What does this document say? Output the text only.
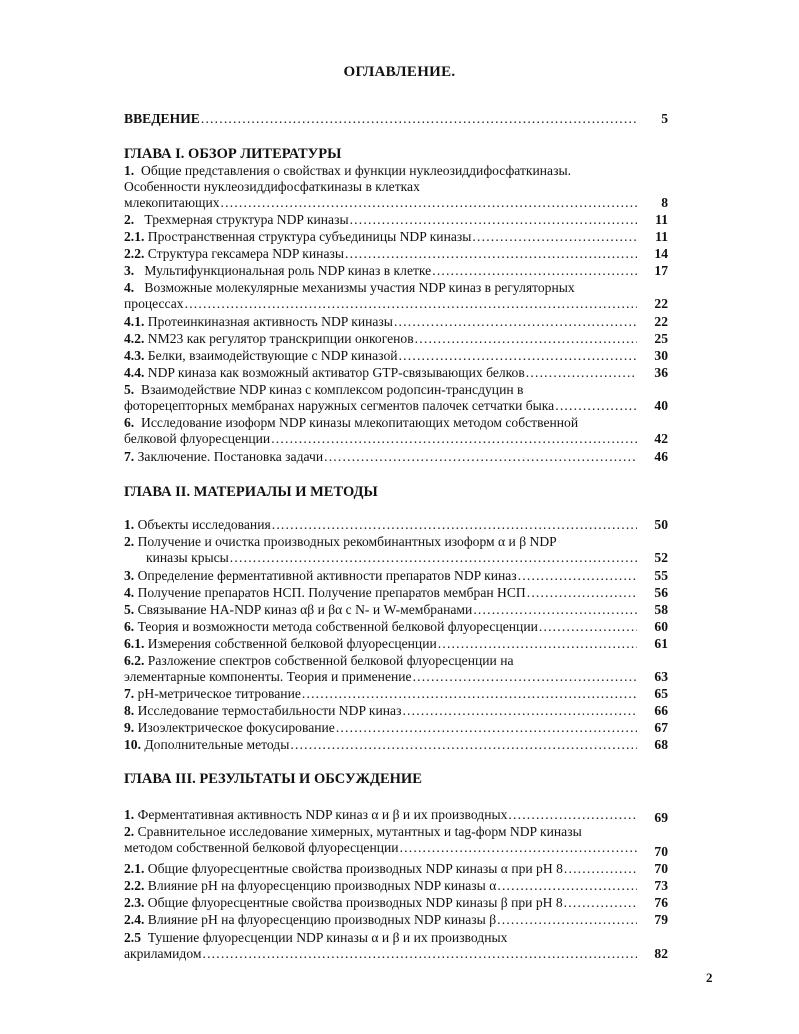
ОГЛАВЛЕНИЕ.
ВВЕДЕНИЕ .....	5
ГЛАВА I. ОБЗОР ЛИТЕРАТУРЫ
1. Общие представления о свойствах и функции нуклеозиддифосфаткиназы.
Особенности нуклеозиддифосфаткиназы в клетках
млекопитающих .....	8
2. Трехмерная структура NDP киназы .....	11
2.1. Пространственная структура субъединицы NDP киназы .....	11
2.2. Структура гексамера NDP киназы .....	14
3. Мультифункциональная роль NDP киназ в клетке .....	17
4. Возможные молекулярные механизмы участия NDP киназ в регуляторных
процессах .....	22
4.1. Протеинкиназная активность NDP киназы .....	22
4.2. NM23 как регулятор транскрипции онкогенов .....	25
4.3. Белки, взаимодействующие с NDP киназой .....	30
4.4. NDP киназа как возможный активатор GTP-связывающих белков .....	36
5. Взаимодействие NDP киназ с комплексом родопсин-трансдуцин в
фоторецепторных мембранах наружных сегментов палочек сетчатки быка .....	40
6. Исследование изоформ NDP киназы млекопитающих методом собственной
белковой флуоресценции .....	42
7. Заключение. Постановка задачи .....	46
ГЛАВА II. МАТЕРИАЛЫ И МЕТОДЫ
1. Объекты исследования .....	50
2. Получение и очистка производных рекомбинантных изоформ α и β NDP
киназы крысы .....	52
3. Определение ферментативной активности препаратов NDP киназ .....	55
4. Получение препаратов НСП. Получение препаратов мембран НСП .....	56
5. Связывание HA-NDP киназ αβ и βα с N- и W-мембранами .....	58
6. Теория и возможности метода собственной белковой флуоресценции .....	60
6.1. Измерения собственной белковой флуоресценции .....	61
6.2. Разложение спектров собственной белковой флуоресценции на
элементарные компоненты. Теория и применение .....	63
7. рН-метрическое титрование .....	65
8. Исследование термостабильности NDP киназ .....	66
9. Изоэлектрическое фокусирование .....	67
10. Дополнительные методы .....	68
ГЛАВА III. РЕЗУЛЬТАТЫ И ОБСУЖДЕНИЕ
1. Ферментативная активность NDP киназ α и β и их производных .....	69
2. Сравнительное исследование химерных, мутантных и tag-форм NDP киназы
методом собственной белковой флуоресценции .....	70
2.1. Общие флуоресцентные свойства производных NDP киназы α при рН 8 .....	70
2.2. Влияние рН на флуоресценцию производных NDP киназы α .....	73
2.3. Общие флуоресцентные свойства производных NDP киназы β при рН 8 .....	76
2.4. Влияние рН на флуоресценцию производных NDP киназы β .....	79
2.5 Тушение флуоресценции NDP киназы α и β и их производных
акриламидом .....	82
2
